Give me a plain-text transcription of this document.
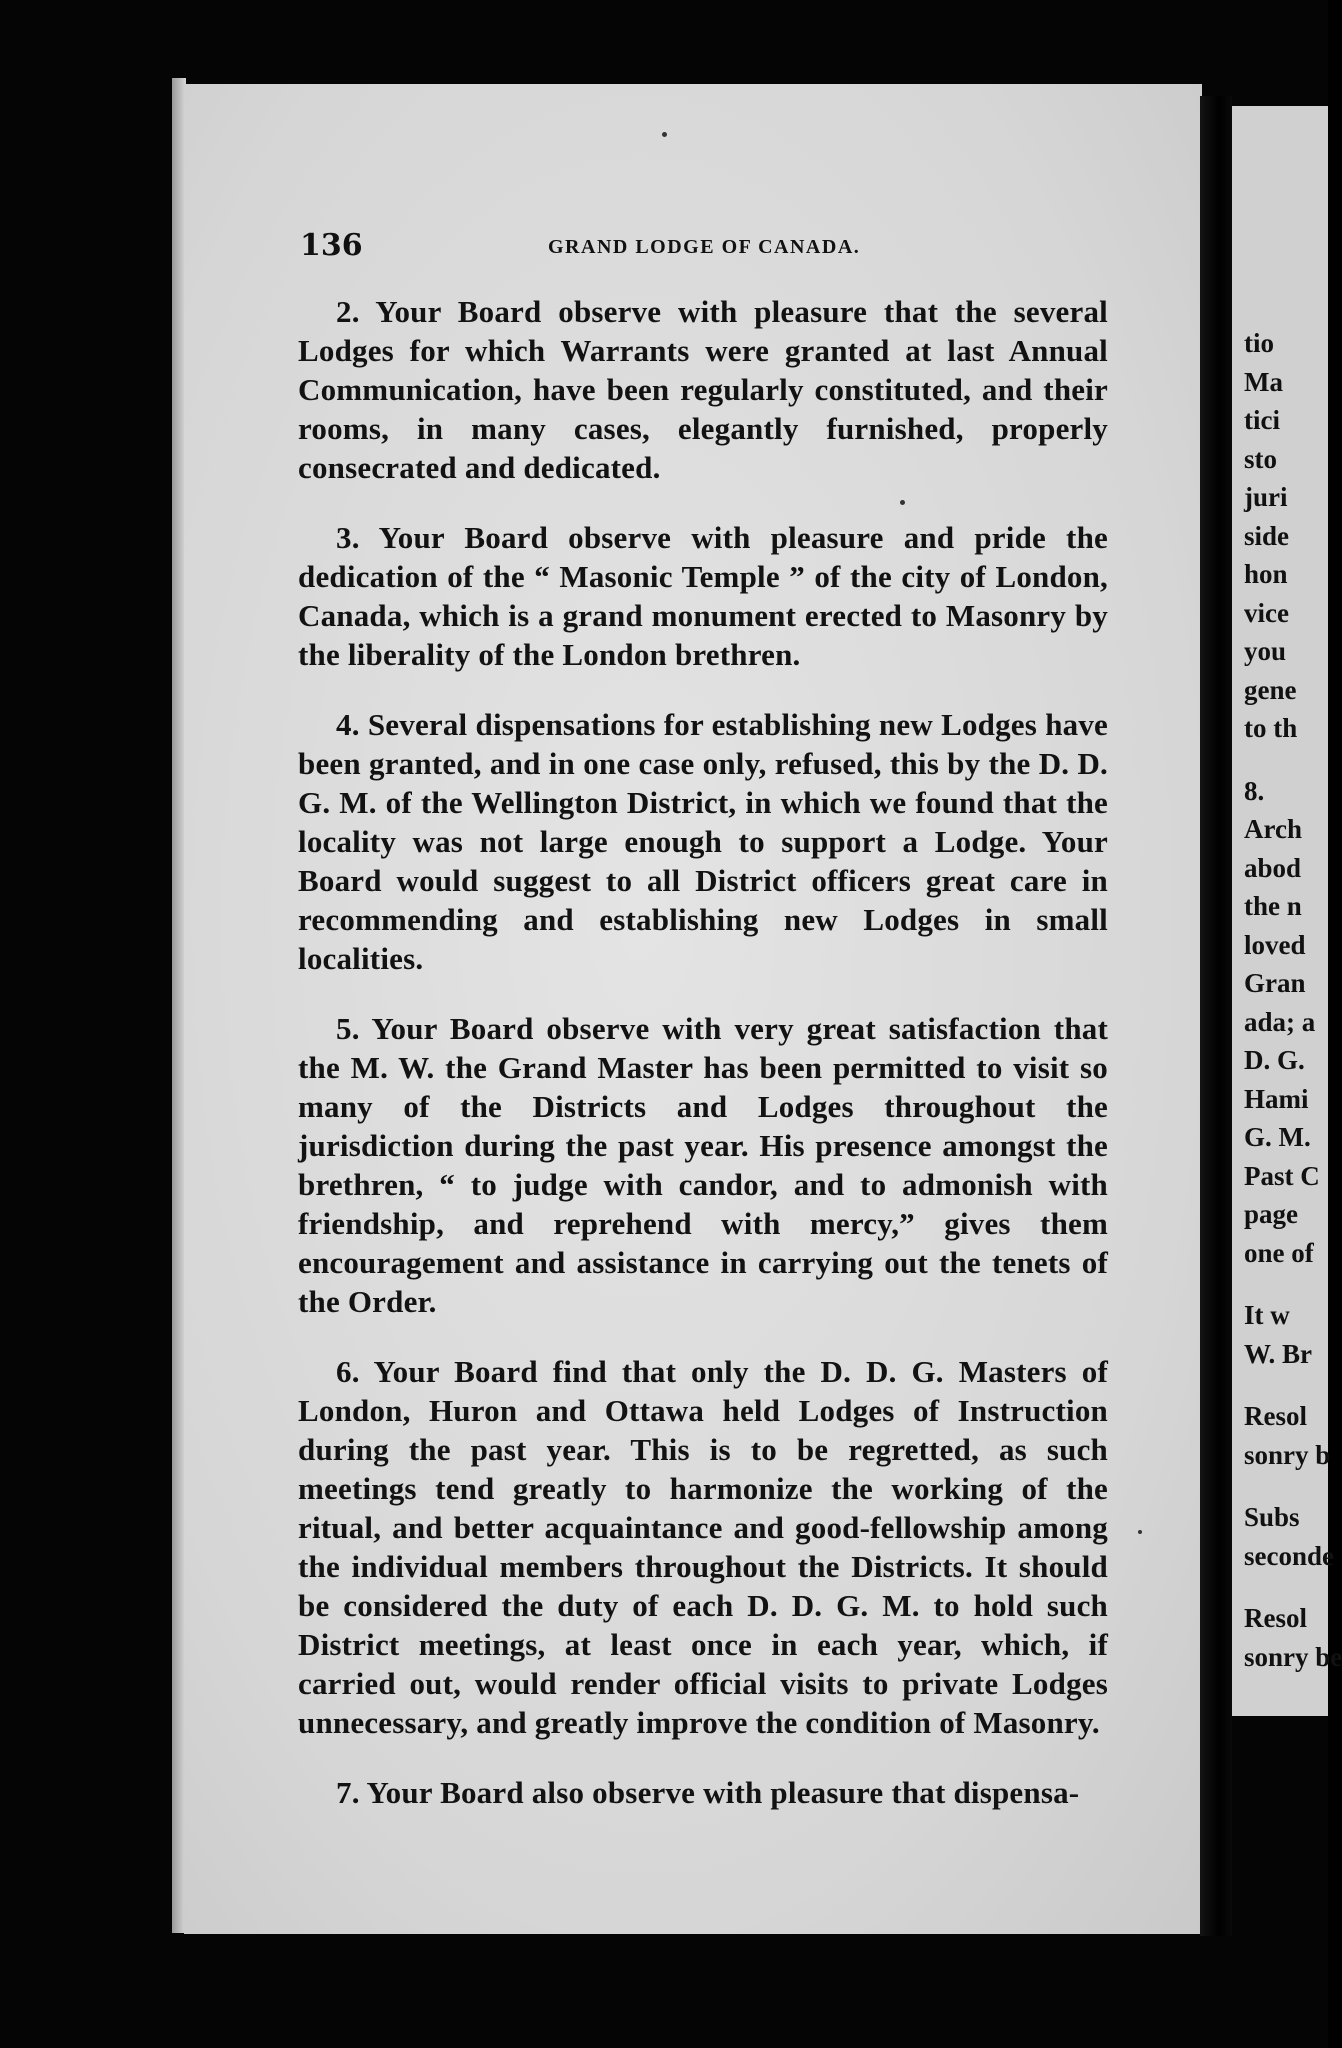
136	GRAND LODGE OF CANADA.

2. Your Board observe with pleasure that the several Lodges for which Warrants were granted at last Annual Communication, have been regularly constituted, and their rooms, in many cases, elegantly furnished, properly consecrated and dedicated.

3. Your Board observe with pleasure and pride the dedication of the “ Masonic Temple ” of the city of London, Canada, which is a grand monument erected to Masonry by the liberality of the London brethren.

4. Several dispensations for establishing new Lodges have been granted, and in one case only, refused, this by the D. D. G. M. of the Wellington District, in which we found that the locality was not large enough to support a Lodge. Your Board would suggest to all District officers great care in recommending and establishing new Lodges in small localities.

5. Your Board observe with very great satisfaction that the M. W. the Grand Master has been permitted to visit so many of the Districts and Lodges throughout the jurisdiction during the past year. His presence amongst the brethren, “ to judge with candor, and to admonish with friendship, and reprehend with mercy,” gives them encouragement and assistance in carrying out the tenets of the Order.

6. Your Board find that only the D. D. G. Masters of London, Huron and Ottawa held Lodges of Instruction during the past year. This is to be regretted, as such meetings tend greatly to harmonize the working of the ritual, and better acquaintance and good-fellowship among the individual members throughout the Districts. It should be considered the duty of each D. D. G. M. to hold such District meetings, at least once in each year, which, if carried out, would render official visits to private Lodges unnecessary, and greatly improve the condition of Masonry.

7. Your Board also observe with pleasure that dispensa-

tio
Ma
tici
sto
juri
side
hon
vice
you
gene
to th
8.
Arch
abod
the n
loved
Gran
ada; a
D. G.
Hami
G. M.
Past C
page
one of
It w
W. Br
Resol
sonry b
Subs
seconde
Resol
sonry be
